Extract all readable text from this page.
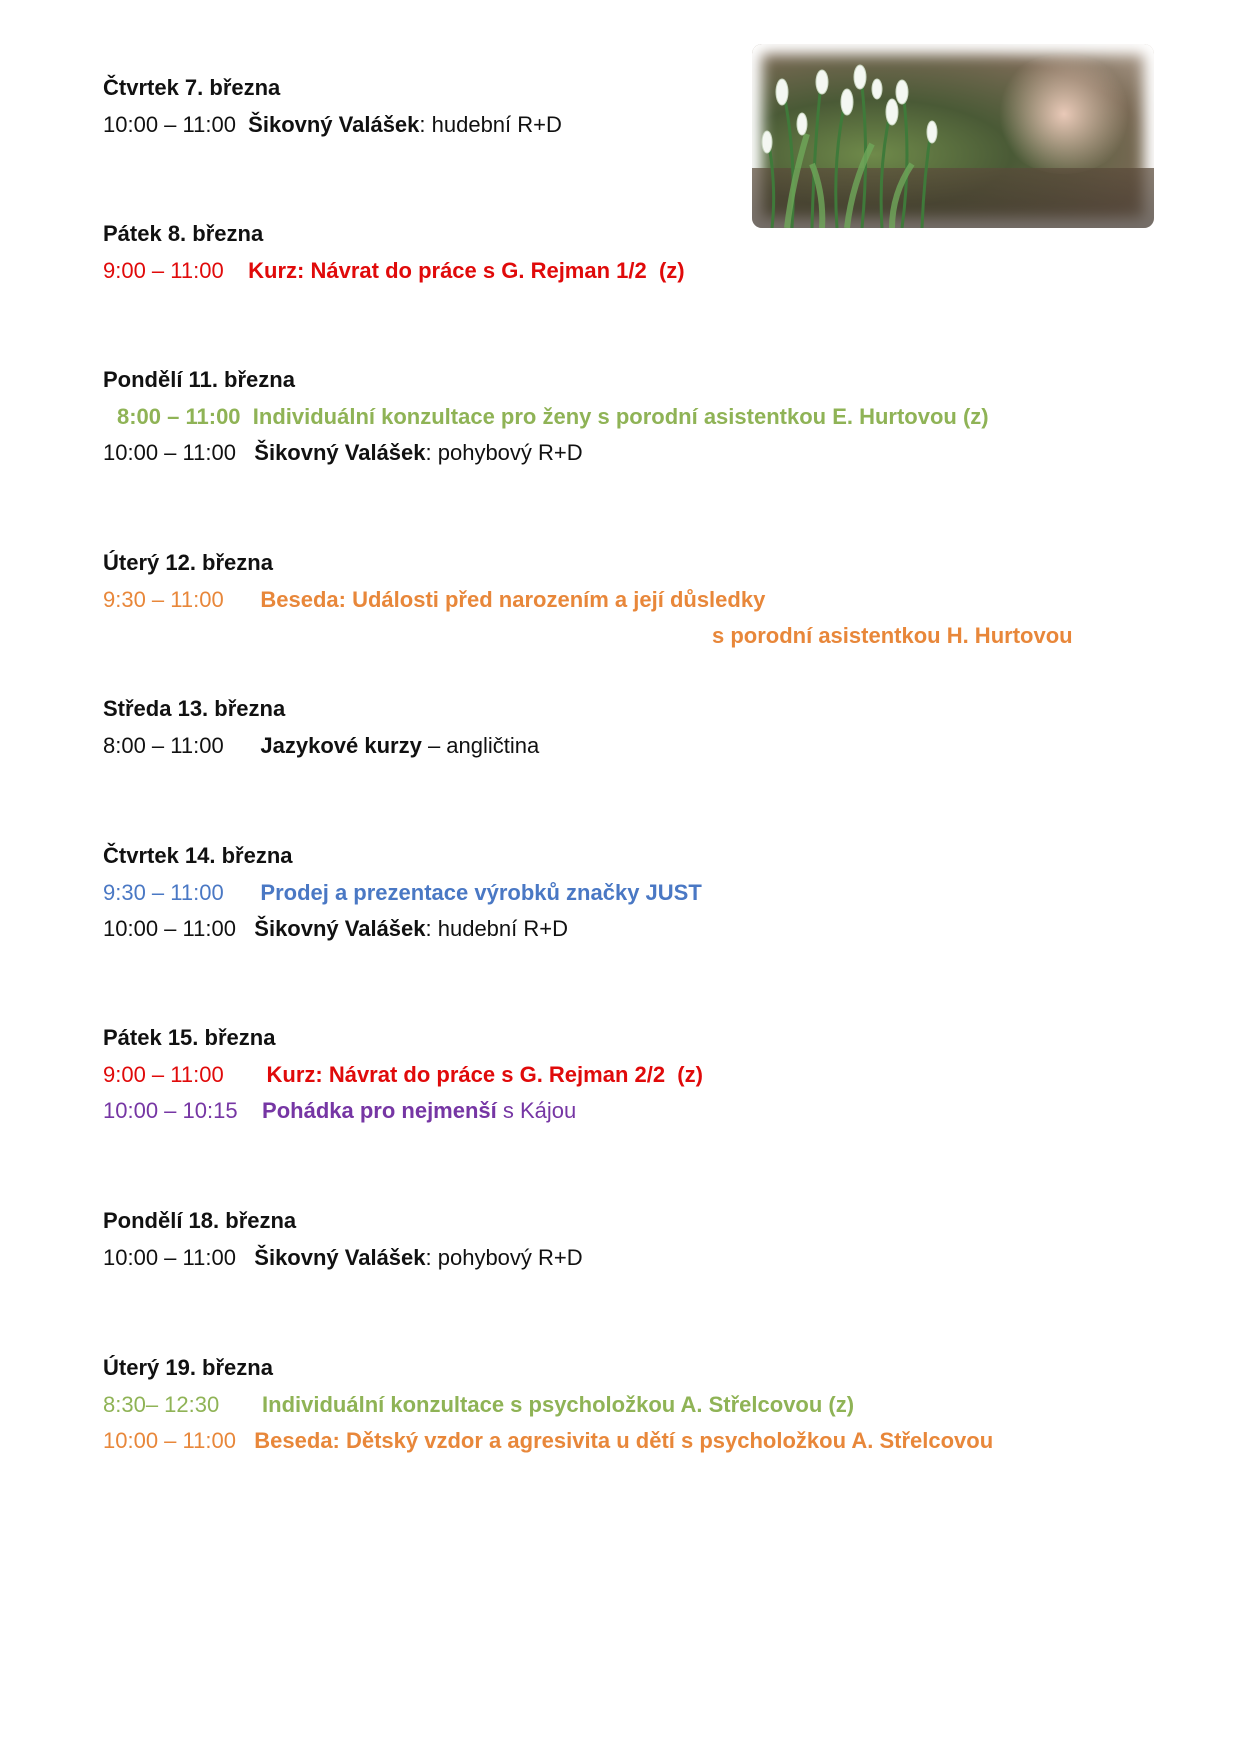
Čtvrtek 7. března
10:00 – 11:00 Šikovný Valášek: hudební R+D
Pátek 8. března
9:00 – 11:00 Kurz: Návrat do práce s G. Rejman 1/2  (z)
Pondělí 11. března
8:00 – 11:00 Individuální konzultace pro ženy s porodní asistentkou E. Hurtovou (z)
10:00 – 11:00 Šikovný Valášek: pohybový R+D
Úterý 12. března
9:30 – 11:00 Beseda: Události před narozením a její důsledky
s porodní asistentkou H. Hurtovou
Středa 13. března
8:00 – 11:00 Jazykové kurzy – angličtina
Čtvrtek 14. března
9:30 – 11:00 Prodej a prezentace výrobků značky JUST
10:00 – 11:00 Šikovný Valášek: hudební R+D
Pátek 15. března
9:00 – 11:00 Kurz: Návrat do práce s G. Rejman 2/2  (z)
10:00 – 10:15 Pohádka pro nejmenší s Kájou
Pondělí 18. března
10:00 – 11:00 Šikovný Valášek: pohybový R+D
Úterý 19. března
8:30– 12:30 Individuální konzultace s psycholožkou A. Střelcovou (z)
10:00 – 11:00 Beseda: Dětský vzdor a agresivita u dětí s psycholožkou A. Střelcovou
